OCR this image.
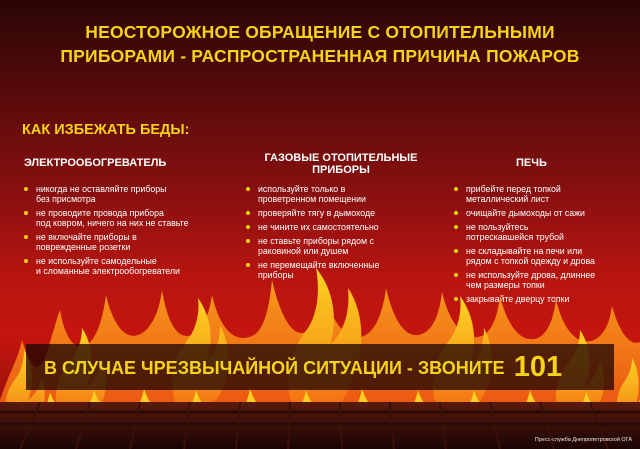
НЕОСТОРОЖНОЕ ОБРАЩЕНИЕ С ОТОПИТЕЛЬНЫМИ
ПРИБОРАМИ - РАСПРОСТРАНЕННАЯ ПРИЧИНА ПОЖАРОВ
КАК ИЗБЕЖАТЬ БЕДЫ:
ЭЛЕКТРООБОГРЕВАТЕЛЬ
никогда не оставляйте приборы
без присмотра
не проводите провода прибора
под ковром, ничего на них не ставьте
не включайте приборы в
поврежденные розетки
не используйте самодельные
и сломанные электрообогреватели
ГАЗОВЫЕ ОТОПИТЕЛЬНЫЕ
ПРИБОРЫ
используйте только в
проветренном помещении
проверяйте тягу в дымоходе
не чините их самостоятельно
не ставьте приборы рядом с
раковиной или душем
не перемещайте включенные
приборы
ПЕЧЬ
прибейте перед топкой
металлический лист
очищайте дымоходы от сажи
не пользуйтесь
потрескавшейся трубой
не складывайте на печи или
рядом с топкой одежду и дрова
не используйте дрова, длиннее
чем размеры топки
закрывайте дверцу топки
В СЛУЧАЕ ЧРЕЗВЫЧАЙНОЙ СИТУАЦИИ - ЗВОНИТЕ 101
Пресс-служба Днепропетровской ОГА
